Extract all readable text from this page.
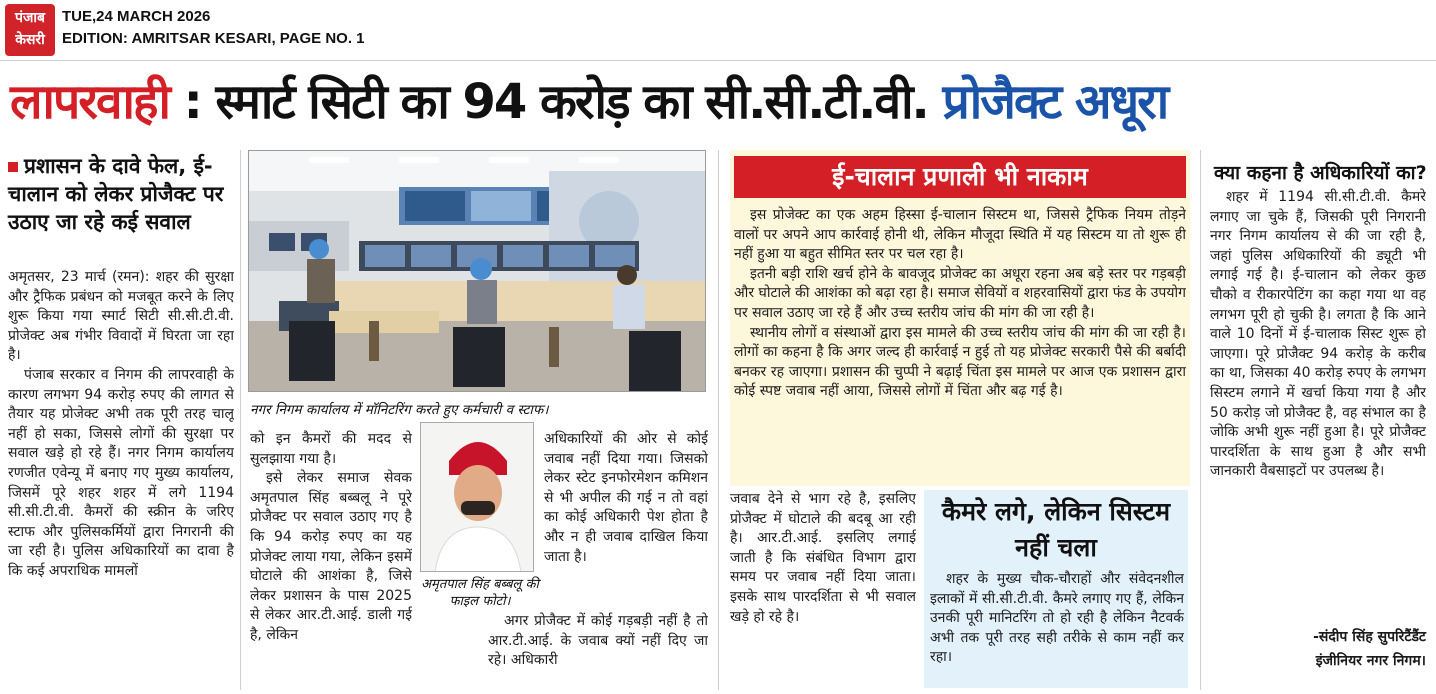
पंजाब
केसरी
TUE,24 MARCH 2026
EDITION: AMRITSAR KESARI, PAGE NO. 1
लापरवाही : स्मार्ट सिटी का 94 करोड़ का सी.सी.टी.वी. प्रोजैक्ट अधूरा
प्रशासन के दावे फेल, ई-चालान को लेकर प्रोजैक्ट पर उठाए जा रहे कई सवाल

अमृतसर, 23 मार्च (रमन): शहर की सुरक्षा और ट्रैफिक प्रबंधन को मजबूत करने के लिए शुरू किया गया स्मार्ट सिटी सी.सी.टी.वी. प्रोजेक्ट अब गंभीर विवादों में घिरता जा रहा है।

पंजाब सरकार व निगम की लापरवाही के कारण लगभग 94 करोड़ रुपए की लागत से तैयार यह प्रोजेक्ट अभी तक पूरी तरह चालू नहीं हो सका, जिससे लोगों की सुरक्षा पर सवाल खड़े हो रहे हैं। नगर निगम कार्यालय रणजीत एवेन्यू में बनाए गए मुख्य कार्यालय, जिसमें पूरे शहर शहर में लगे 1194 सी.सी.टी.वी. कैमरों की स्क्रीन के जरिए स्टाफ और पुलिसकर्मियों द्वारा निगरानी की जा रही है। पुलिस अधिकारियों का दावा है कि कई अपराधिक मामलों

नगर निगम कार्यालय में मॉनिटरिंग करते हुए कर्मचारी व स्टाफ।

को इन कैमरों की मदद से सुलझाया गया है।

इसे लेकर समाज सेवक अमृतपाल सिंह बब्बलू ने पूरे प्रोजैक्ट पर सवाल उठाए गए है कि 94 करोड़ रुपए का यह प्रोजेक्ट लाया गया, लेकिन इसमें घोटाले की आशंका है, जिसे लेकर प्रशासन के पास 2025 से लेकर आर.टी.आई. डाली गई है, लेकिन

अमृतपाल सिंह बब्बलू की फाइल फोटो।

अधिकारियों की ओर से कोई जवाब नहीं दिया गया। जिसको लेकर स्टेट इनफोरमेशन कमिशन से भी अपील की गई न तो वहां का कोई अधिकारी पेश होता है और न ही जवाब दाखिल किया जाता है।

अगर प्रोजैक्ट में कोई गड़बड़ी नहीं है तो आर.टी.आई. के जवाब क्यों नहीं दिए जा रहे। अधिकारी

ई-चालान प्रणाली भी नाकाम

इस प्रोजेक्ट का एक अहम हिस्सा ई-चालान सिस्टम था, जिससे ट्रैफिक नियम तोड़ने वालों पर अपने आप कार्रवाई होनी थी, लेकिन मौजूदा स्थिति में यह सिस्टम या तो शुरू ही नहीं हुआ या बहुत सीमित स्तर पर चल रहा है।

इतनी बड़ी राशि खर्च होने के बावजूद प्रोजेक्ट का अधूरा रहना अब बड़े स्तर पर गड़बड़ी और घोटाले की आशंका को बढ़ा रहा है। समाज सेवियों व शहरवासियों द्वारा फंड के उपयोग पर सवाल उठाए जा रहे हैं और उच्च स्तरीय जांच की मांग की जा रही है।

स्थानीय लोगों व संस्थाओं द्वारा इस मामले की उच्च स्तरीय जांच की मांग की जा रही है। लोगों का कहना है कि अगर जल्द ही कार्रवाई न हुई तो यह प्रोजेक्ट सरकारी पैसे की बर्बादी बनकर रह जाएगा। प्रशासन की चुप्पी ने बढ़ाई चिंता इस मामले पर आज एक प्रशासन द्वारा कोई स्पष्ट जवाब नहीं आया, जिससे लोगों में चिंता और बढ़ गई है।

जवाब देने से भाग रहे है, इसलिए प्रोजैक्ट में घोटाले की बदबू आ रही है। आर.टी.आई. इसलिए लगाई जाती है कि संबंधित विभाग द्वारा समय पर जवाब नहीं दिया जाता। इसके साथ पारदर्शिता से भी सवाल खड़े हो रहे है।

कैमरे लगे, लेकिन सिस्टम नहीं चला

शहर के मुख्य चौक-चौराहों और संवेदनशील इलाकों में सी.सी.टी.वी. कैमरे लगाए गए हैं, लेकिन उनकी पूरी मानिटरिंग तो हो रही है लेकिन नैटवर्क अभी तक पूरी तरह सही तरीके से काम नहीं कर रहा।

क्या कहना है अधिकारियों का?

शहर में 1194 सी.सी.टी.वी. कैमरे लगाए जा चुके हैं, जिसकी पूरी निगरानी नगर निगम कार्यालय से की जा रही है, जहां पुलिस अधिकारियों की ड्यूटी भी लगाई गई है। ई-चालान को लेकर कुछ चौको व रीकारपेटिंग का कहा गया था वह लगभग पूरी हो चुकी है। लगता है कि आने वाले 10 दिनों में ई-चालाक सिस्ट शुरू हो जाएगा। पूरे प्रोजैक्ट 94 करोड़ के करीब का था, जिसका 40 करोड़ रुपए के लगभग सिस्टम लगाने में खर्चा किया गया है और 50 करोड़ जो प्रोजैक्ट है, वह संभाल का है जोकि अभी शुरू नहीं हुआ है। पूरे प्रोजैक्ट पारदर्शिता के साथ हुआ है और सभी जानकारी वैबसाइटों पर उपलब्ध है।

-संदीप सिंह सुपरिटैंडैंट
इंजीनियर नगर निगम।
